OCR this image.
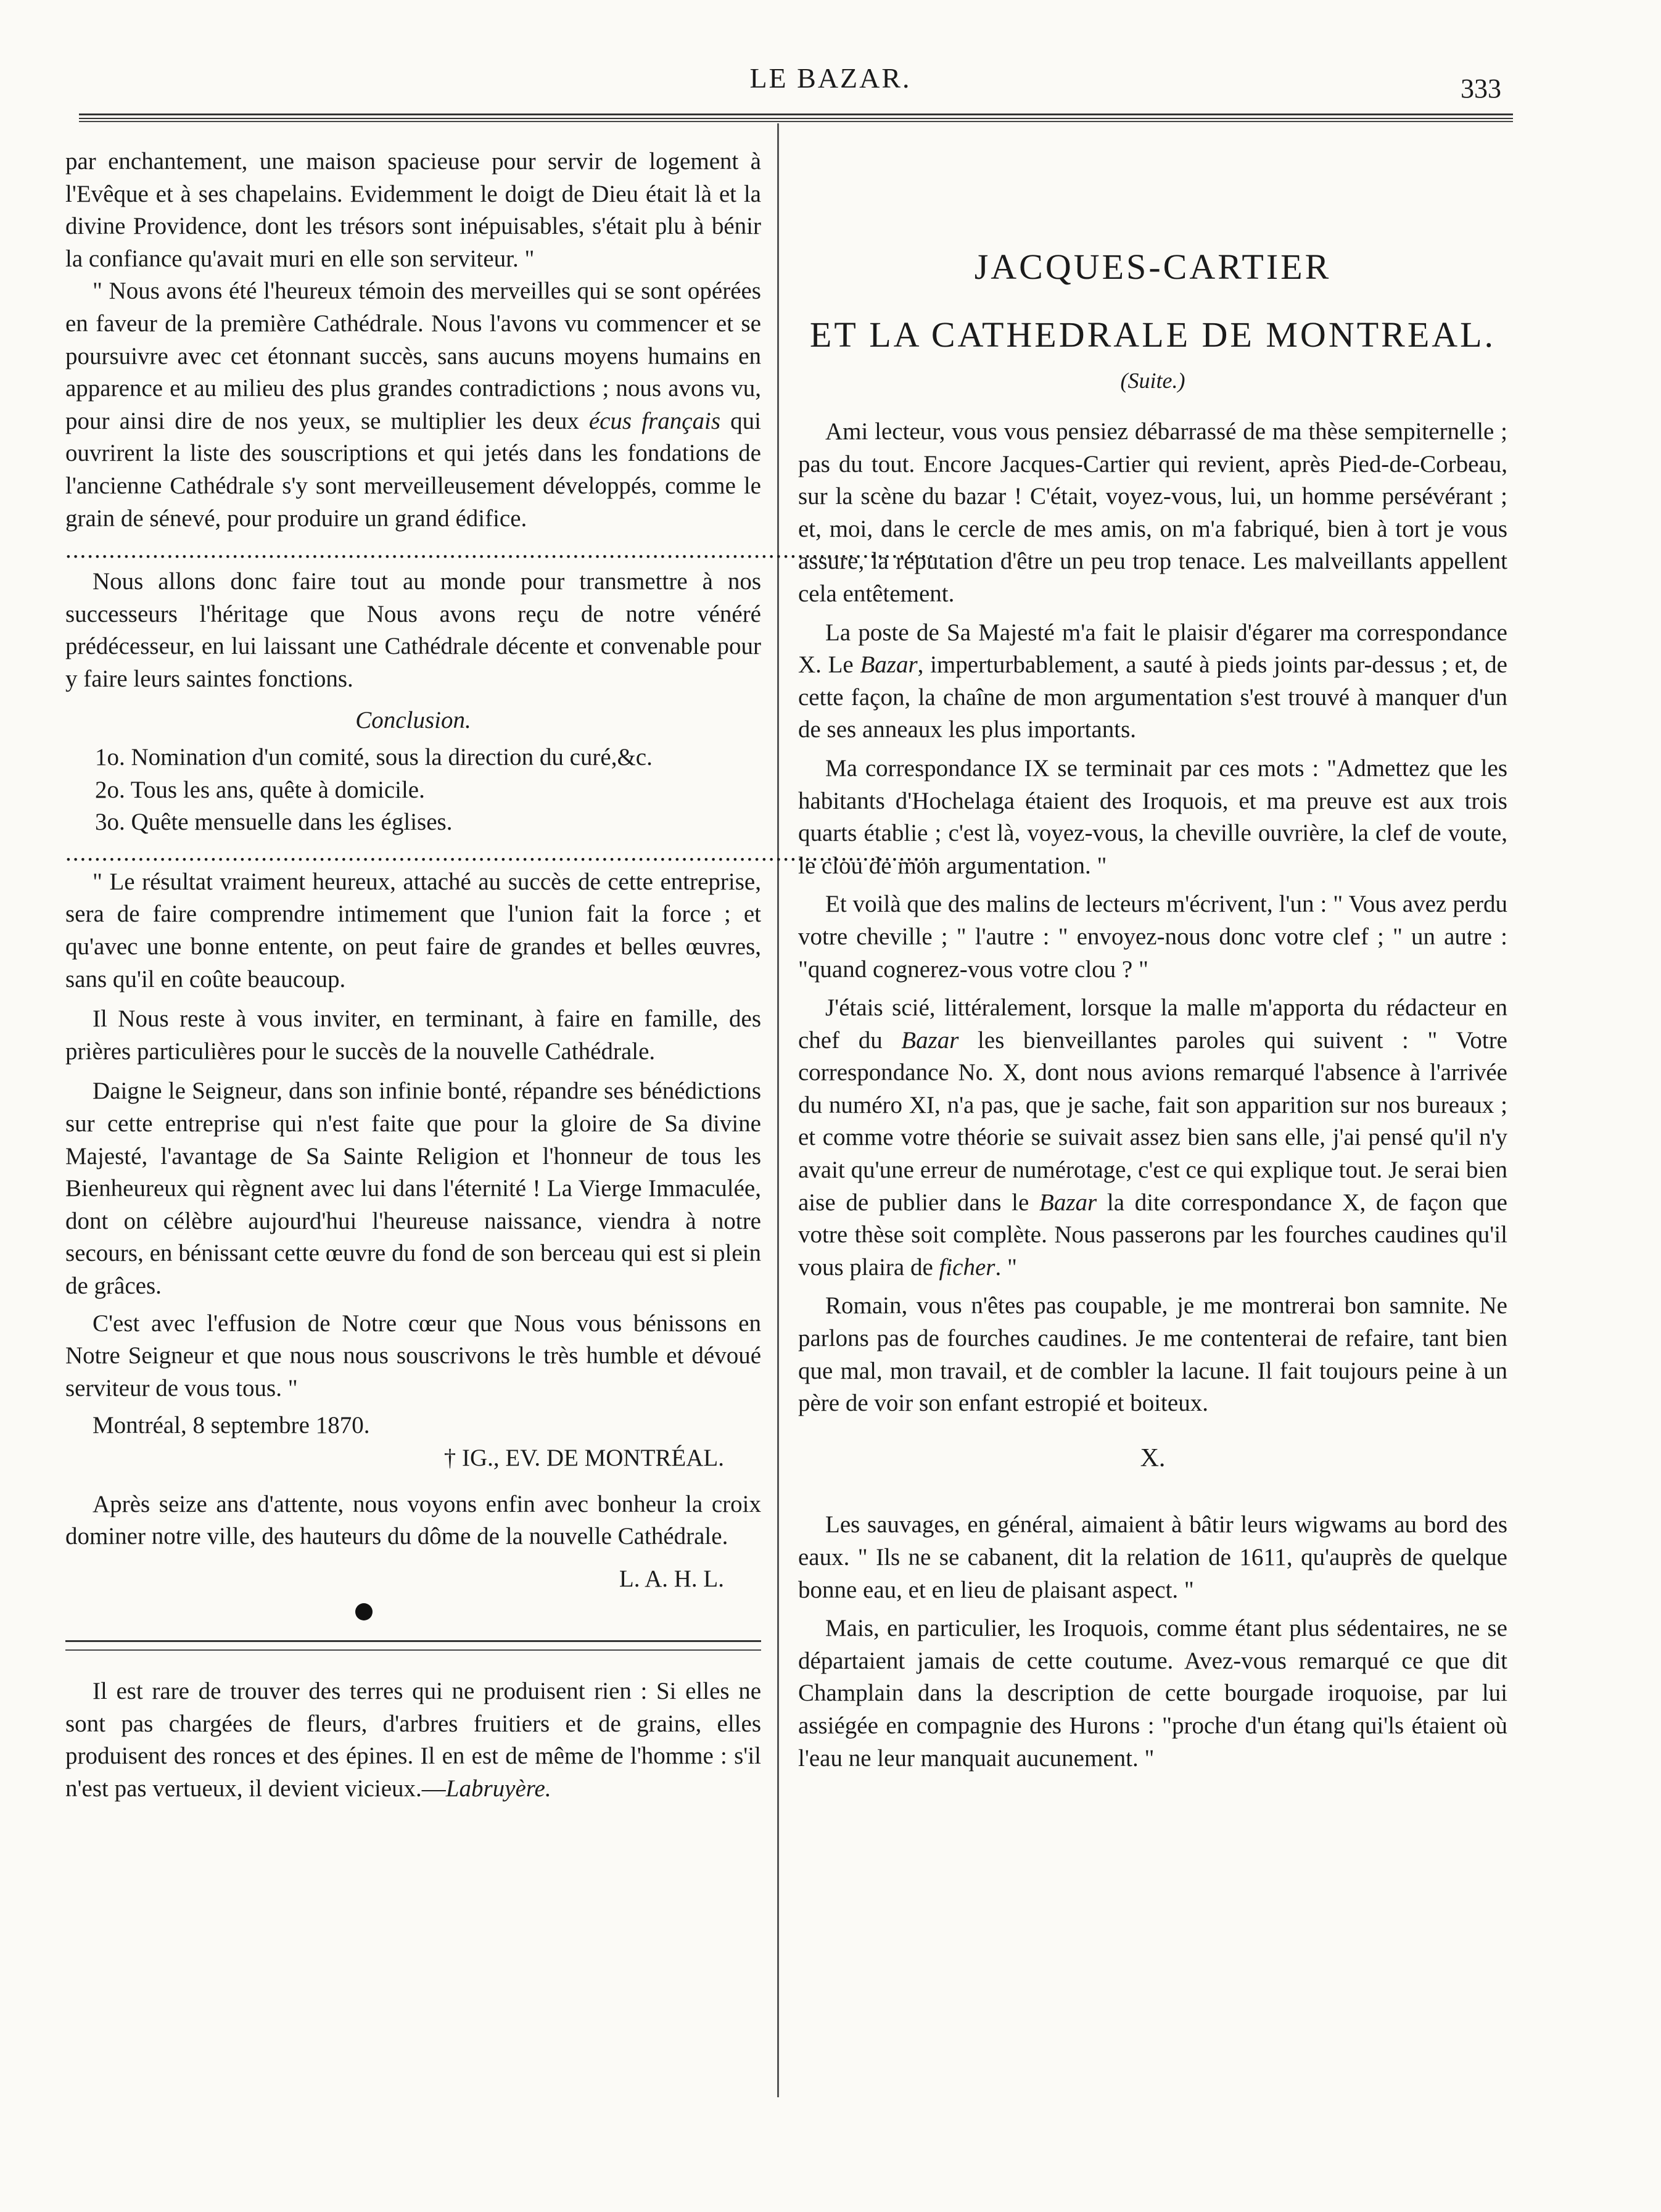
LE BAZAR.	333

par enchantement, une maison spacieuse pour servir de logement à l'Evêque et à ses chapelains. Evidemment le doigt de Dieu était là et la divine Providence, dont les trésors sont inépuisables, s'était plu à bénir la confiance qu'avait muri en elle son serviteur. "

" Nous avons été l'heureux témoin des merveilles qui se sont opérées en faveur de la première Cathédrale. Nous l'avons vu commencer et se poursuivre avec cet étonnant succès, sans aucuns moyens humains en apparence et au milieu des plus grandes contradictions ; nous avons vu, pour ainsi dire de nos yeux, se multiplier les deux écus français qui ouvrirent la liste des souscriptions et qui jetés dans les fondations de l'ancienne Cathédrale s'y sont merveilleusement développés, comme le grain de sénevé, pour produire un grand édifice.

........................................................................................................................

Nous allons donc faire tout au monde pour transmettre à nos successeurs l'héritage que Nous avons reçu de notre vénéré prédécesseur, en lui laissant une Cathédrale décente et convenable pour y faire leurs saintes fonctions.

Conclusion.

1o. Nomination d'un comité, sous la direction du curé,&c.

2o. Tous les ans, quête à domicile.

3o. Quête mensuelle dans les églises.

........................................................................................................................

" Le résultat vraiment heureux, attaché au succès de cette entreprise, sera de faire comprendre intimement que l'union fait la force ; et qu'avec une bonne entente, on peut faire de grandes et belles œuvres, sans qu'il en coûte beaucoup.

Il Nous reste à vous inviter, en terminant, à faire en famille, des prières particulières pour le succès de la nouvelle Cathédrale.

Daigne le Seigneur, dans son infinie bonté, répandre ses bénédictions sur cette entreprise qui n'est faite que pour la gloire de Sa divine Majesté, l'avantage de Sa Sainte Religion et l'honneur de tous les Bienheureux qui règnent avec lui dans l'éternité ! La Vierge Immaculée, dont on célèbre aujourd'hui l'heureuse naissance, viendra à notre secours, en bénissant cette œuvre du fond de son berceau qui est si plein de grâces.

C'est avec l'effusion de Notre cœur que Nous vous bénissons en Notre Seigneur et que nous nous souscrivons le très humble et dévoué serviteur de vous tous. "

Montréal, 8 septembre 1870.

† IG., EV. DE MONTRÉAL.

Après seize ans d'attente, nous voyons enfin avec bonheur la croix dominer notre ville, des hauteurs du dôme de la nouvelle Cathédrale.

L. A. H. L.

Il est rare de trouver des terres qui ne produisent rien : Si elles ne sont pas chargées de fleurs, d'arbres fruitiers et de grains, elles produisent des ronces et des épines. Il en est de même de l'homme : s'il n'est pas vertueux, il devient vicieux.—Labruyère.

JACQUES-CARTIER
ET LA CATHEDRALE DE MONTREAL.
(Suite.)

Ami lecteur, vous vous pensiez débarrassé de ma thèse sempiternelle ; pas du tout. Encore Jacques-Cartier qui revient, après Pied-de-Corbeau, sur la scène du bazar ! C'était, voyez-vous, lui, un homme persévérant ; et, moi, dans le cercle de mes amis, on m'a fabriqué, bien à tort je vous assure, la réputation d'être un peu trop tenace. Les malveillants appellent cela entêtement.

La poste de Sa Majesté m'a fait le plaisir d'égarer ma correspondance X. Le Bazar, imperturbablement, a sauté à pieds joints par-dessus ; et, de cette façon, la chaîne de mon argumentation s'est trouvé à manquer d'un de ses anneaux les plus importants.

Ma correspondance IX se terminait par ces mots : "Admettez que les habitants d'Hochelaga étaient des Iroquois, et ma preuve est aux trois quarts établie ; c'est là, voyez-vous, la cheville ouvrière, la clef de voute, le clou de mon argumentation. "

Et voilà que des malins de lecteurs m'écrivent, l'un : " Vous avez perdu votre cheville ; " l'autre : " envoyez-nous donc votre clef ; " un autre : "quand cognerez-vous votre clou ? "

J'étais scié, littéralement, lorsque la malle m'apporta du rédacteur en chef du Bazar les bienveillantes paroles qui suivent : " Votre correspondance No. X, dont nous avions remarqué l'absence à l'arrivée du numéro XI, n'a pas, que je sache, fait son apparition sur nos bureaux ; et comme votre théorie se suivait assez bien sans elle, j'ai pensé qu'il n'y avait qu'une erreur de numérotage, c'est ce qui explique tout. Je serai bien aise de publier dans le Bazar la dite correspondance X, de façon que votre thèse soit complète. Nous passerons par les fourches caudines qu'il vous plaira de ficher. "

Romain, vous n'êtes pas coupable, je me montrerai bon samnite. Ne parlons pas de fourches caudines. Je me contenterai de refaire, tant bien que mal, mon travail, et de combler la lacune. Il fait toujours peine à un père de voir son enfant estropié et boiteux.

X.

Les sauvages, en général, aimaient à bâtir leurs wigwams au bord des eaux. " Ils ne se cabanent, dit la relation de 1611, qu'auprès de quelque bonne eau, et en lieu de plaisant aspect. "

Mais, en particulier, les Iroquois, comme étant plus sédentaires, ne se départaient jamais de cette coutume. Avez-vous remarqué ce que dit Champlain dans la description de cette bourgade iroquoise, par lui assiégée en compagnie des Hurons : "proche d'un étang qui'ls étaient où l'eau ne leur manquait aucunement. "
